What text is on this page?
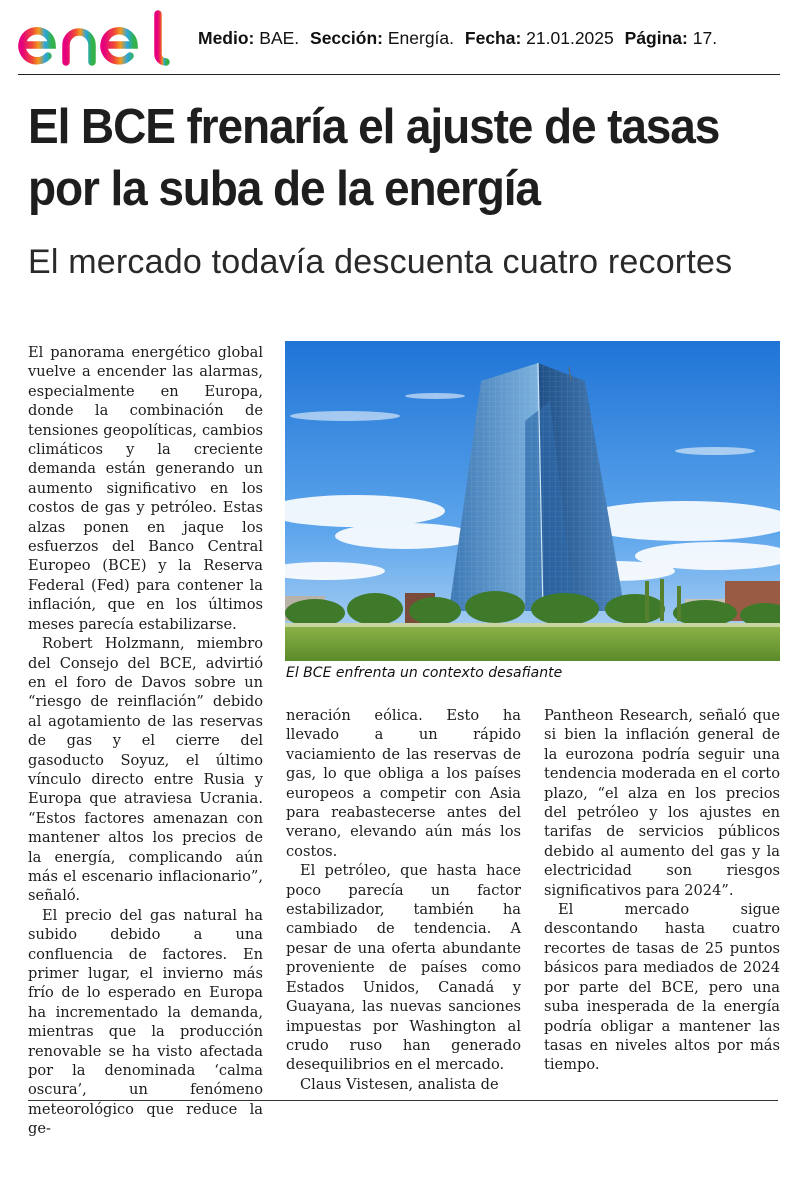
Medio: BAE. Sección: Energía. Fecha: 21.01.2025 Página: 17.
El BCE frenaría el ajuste de tasas por la suba de la energía
El mercado todavía descuenta cuatro recortes

El panorama energético global vuelve a encender las alarmas, especialmente en Europa, donde la combinación de tensiones geopolíticas, cambios climáticos y la creciente demanda están generando un aumento significativo en los costos de gas y petróleo. Estas alzas ponen en jaque los esfuerzos del Banco Central Europeo (BCE) y la Reserva Federal (Fed) para contener la inflación, que en los últimos meses parecía estabilizarse.

Robert Holzmann, miembro del Consejo del BCE, advirtió en el foro de Davos sobre un “riesgo de reinflación” debido al agotamiento de las reservas de gas y el cierre del gasoducto Soyuz, el último vínculo directo entre Rusia y Europa que atraviesa Ucrania. “Estos factores amenazan con mantener altos los precios de la energía, complicando aún más el escenario inflacionario”, señaló.

El precio del gas natural ha subido debido a una confluencia de factores. En primer lugar, el invierno más frío de lo esperado en Europa ha incrementado la demanda, mientras que la producción renovable se ha visto afectada por la denominada ‘calma oscura’, un fenómeno meteorológico que reduce la ge-

El BCE enfrenta un contexto desafiante

neración eólica. Esto ha llevado a un rápido vaciamiento de las reservas de gas, lo que obliga a los países europeos a competir con Asia para reabastecerse antes del verano, elevando aún más los costos.

El petróleo, que hasta hace poco parecía un factor estabilizador, también ha cambiado de tendencia. A pesar de una oferta abundante proveniente de países como Estados Unidos, Canadá y Guayana, las nuevas sanciones impuestas por Washington al crudo ruso han generado desequilibrios en el mercado.

Claus Vistesen, analista de

Pantheon Research, señaló que si bien la inflación general de la eurozona podría seguir una tendencia moderada en el corto plazo, “el alza en los precios del petróleo y los ajustes en tarifas de servicios públicos debido al aumento del gas y la electricidad son riesgos significativos para 2024”.

El mercado sigue descontando hasta cuatro recortes de tasas de 25 puntos básicos para mediados de 2024 por parte del BCE, pero una suba inesperada de la energía podría obligar a mantener las tasas en niveles altos por más tiempo.
